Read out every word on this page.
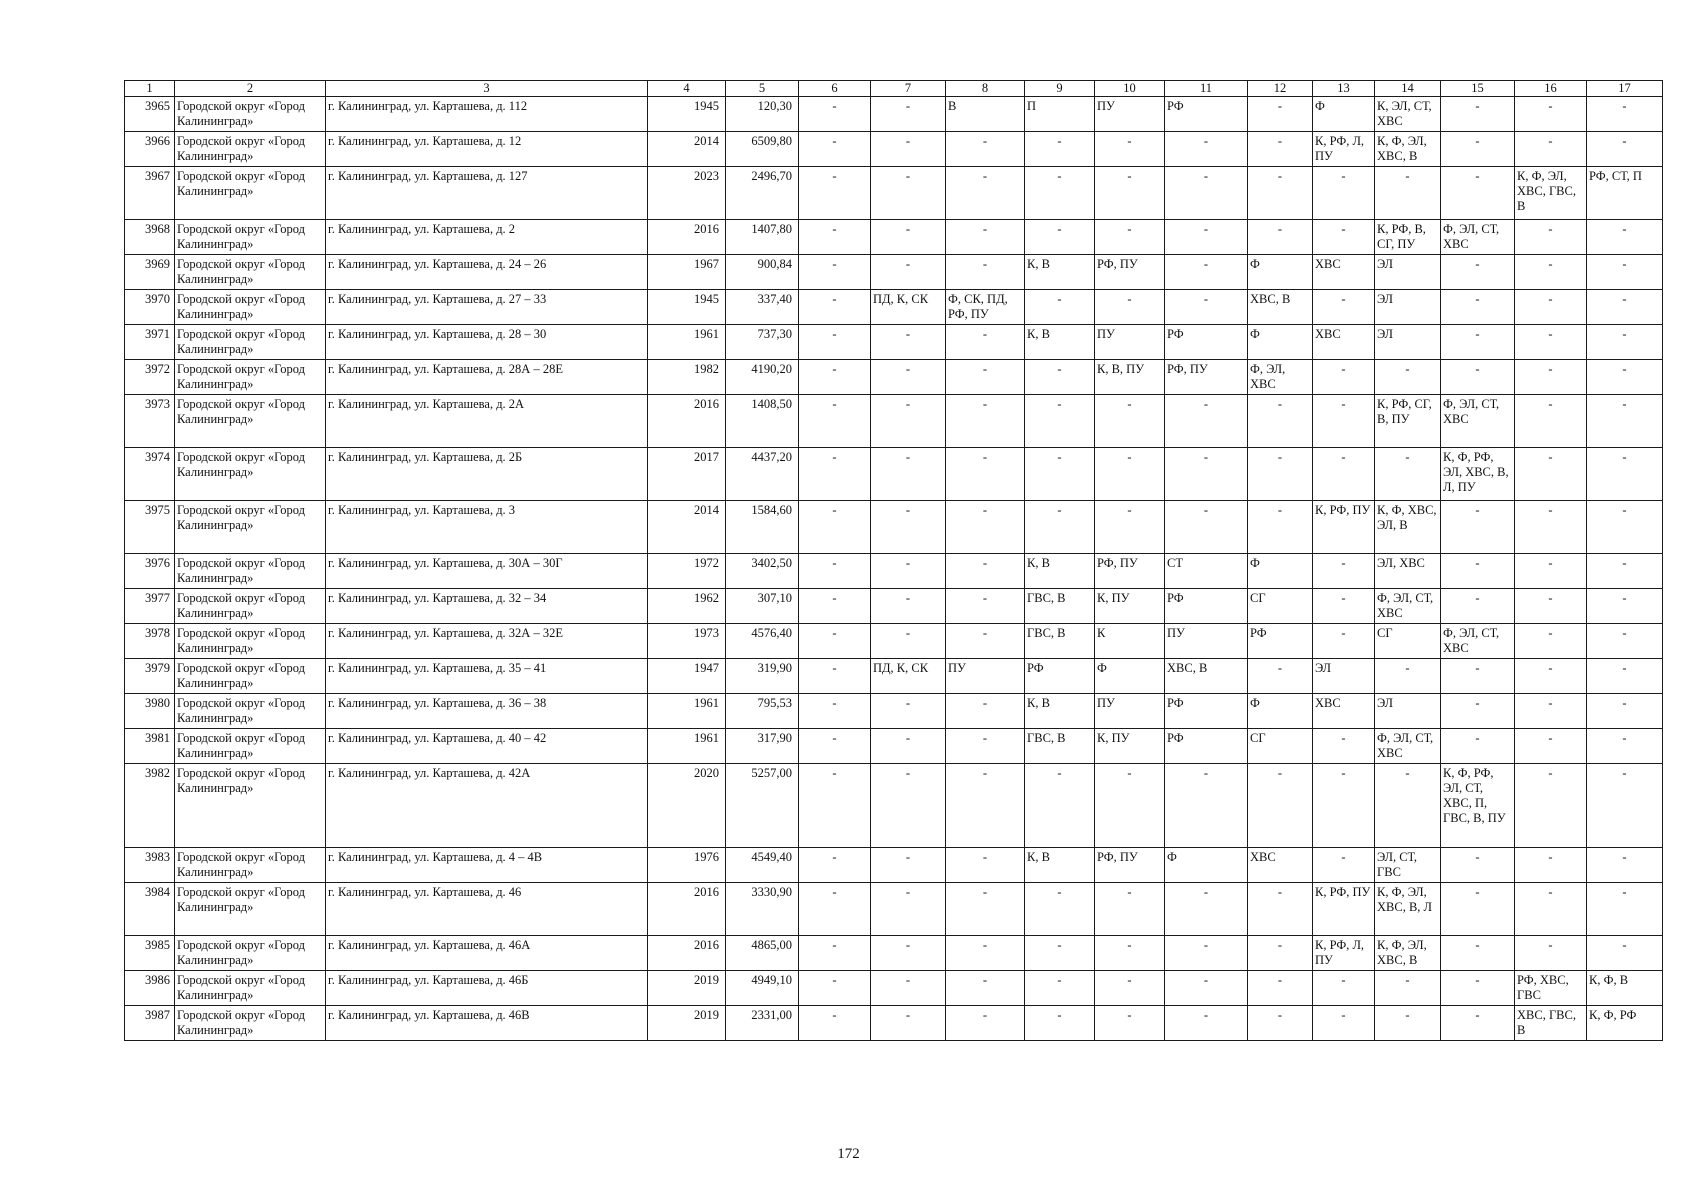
1	2	3	4	5	6	7	8	9	10	11	12	13	14	15	16	17
3965	Городской округ «Город Калининград»	г. Калининград, ул. Карташева, д. 112	1945	120,30	-	-	В	П	ПУ	РФ	-	Ф	К, ЭЛ, СТ, ХВС	-	-	-
3966	Городской округ «Город Калининград»	г. Калининград, ул. Карташева, д. 12	2014	6509,80	-	-	-	-	-	-	-	К, РФ, Л, ПУ	К, Ф, ЭЛ, ХВС, В	-	-	-
3967	Городской округ «Город Калининград»	г. Калининград, ул. Карташева, д. 127	2023	2496,70	-	-	-	-	-	-	-	-	-	-	К, Ф, ЭЛ, ХВС, ГВС, В	РФ, СТ, П
3968	Городской округ «Город Калининград»	г. Калининград, ул. Карташева, д. 2	2016	1407,80	-	-	-	-	-	-	-	-	К, РФ, В, СГ, ПУ	Ф, ЭЛ, СТ, ХВС	-	-
3969	Городской округ «Город Калининград»	г. Калининград, ул. Карташева, д. 24 – 26	1967	900,84	-	-	-	К, В	РФ, ПУ	-	Ф	ХВС	ЭЛ	-	-	-
3970	Городской округ «Город Калининград»	г. Калининград, ул. Карташева, д. 27 – 33	1945	337,40	-	ПД, К, СК	Ф, СК, ПД, РФ, ПУ	-	-	-	ХВС, В	-	ЭЛ	-	-	-
3971	Городской округ «Город Калининград»	г. Калининград, ул. Карташева, д. 28 – 30	1961	737,30	-	-	-	К, В	ПУ	РФ	Ф	ХВС	ЭЛ	-	-	-
3972	Городской округ «Город Калининград»	г. Калининград, ул. Карташева, д. 28А – 28Е	1982	4190,20	-	-	-	-	К, В, ПУ	РФ, ПУ	Ф, ЭЛ, ХВС	-	-	-	-	-
3973	Городской округ «Город Калининград»	г. Калининград, ул. Карташева, д. 2А	2016	1408,50	-	-	-	-	-	-	-	-	К, РФ, СГ, В, ПУ	Ф, ЭЛ, СТ, ХВС	-	-
3974	Городской округ «Город Калининград»	г. Калининград, ул. Карташева, д. 2Б	2017	4437,20	-	-	-	-	-	-	-	-	-	К, Ф, РФ, ЭЛ, ХВС, В, Л, ПУ	-	-
3975	Городской округ «Город Калининград»	г. Калининград, ул. Карташева, д. 3	2014	1584,60	-	-	-	-	-	-	-	К, РФ, ПУ	К, Ф, ХВС, ЭЛ, В	-	-	-
3976	Городской округ «Город Калининград»	г. Калининград, ул. Карташева, д. 30А – 30Г	1972	3402,50	-	-	-	К, В	РФ, ПУ	СТ	Ф	-	ЭЛ, ХВС	-	-	-
3977	Городской округ «Город Калининград»	г. Калининград, ул. Карташева, д. 32 – 34	1962	307,10	-	-	-	ГВС, В	К, ПУ	РФ	СГ	-	Ф, ЭЛ, СТ, ХВС	-	-	-
3978	Городской округ «Город Калининград»	г. Калининград, ул. Карташева, д. 32А – 32Е	1973	4576,40	-	-	-	ГВС, В	К	ПУ	РФ	-	СГ	Ф, ЭЛ, СТ, ХВС	-	-
3979	Городской округ «Город Калининград»	г. Калининград, ул. Карташева, д. 35 – 41	1947	319,90	-	ПД, К, СК	ПУ	РФ	Ф	ХВС, В	-	ЭЛ	-	-	-	-
3980	Городской округ «Город Калининград»	г. Калининград, ул. Карташева, д. 36 – 38	1961	795,53	-	-	-	К, В	ПУ	РФ	Ф	ХВС	ЭЛ	-	-	-
3981	Городской округ «Город Калининград»	г. Калининград, ул. Карташева, д. 40 – 42	1961	317,90	-	-	-	ГВС, В	К, ПУ	РФ	СГ	-	Ф, ЭЛ, СТ, ХВС	-	-	-
3982	Городской округ «Город Калининград»	г. Калининград, ул. Карташева, д. 42А	2020	5257,00	-	-	-	-	-	-	-	-	-	К, Ф, РФ, ЭЛ, СТ, ХВС, П, ГВС, В, ПУ	-	-
3983	Городской округ «Город Калининград»	г. Калининград, ул. Карташева, д. 4 – 4В	1976	4549,40	-	-	-	К, В	РФ, ПУ	Ф	ХВС	-	ЭЛ, СТ, ГВС	-	-	-
3984	Городской округ «Город Калининград»	г. Калининград, ул. Карташева, д. 46	2016	3330,90	-	-	-	-	-	-	-	К, РФ, ПУ	К, Ф, ЭЛ, ХВС, В, Л	-	-	-
3985	Городской округ «Город Калининград»	г. Калининград, ул. Карташева, д. 46А	2016	4865,00	-	-	-	-	-	-	-	К, РФ, Л, ПУ	К, Ф, ЭЛ, ХВС, В	-	-	-
3986	Городской округ «Город Калининград»	г. Калининград, ул. Карташева, д. 46Б	2019	4949,10	-	-	-	-	-	-	-	-	-	-	РФ, ХВС, ГВС	К, Ф, В
3987	Городской округ «Город Калининград»	г. Калининград, ул. Карташева, д. 46В	2019	2331,00	-	-	-	-	-	-	-	-	-	-	ХВС, ГВС, В	К, Ф, РФ
172
